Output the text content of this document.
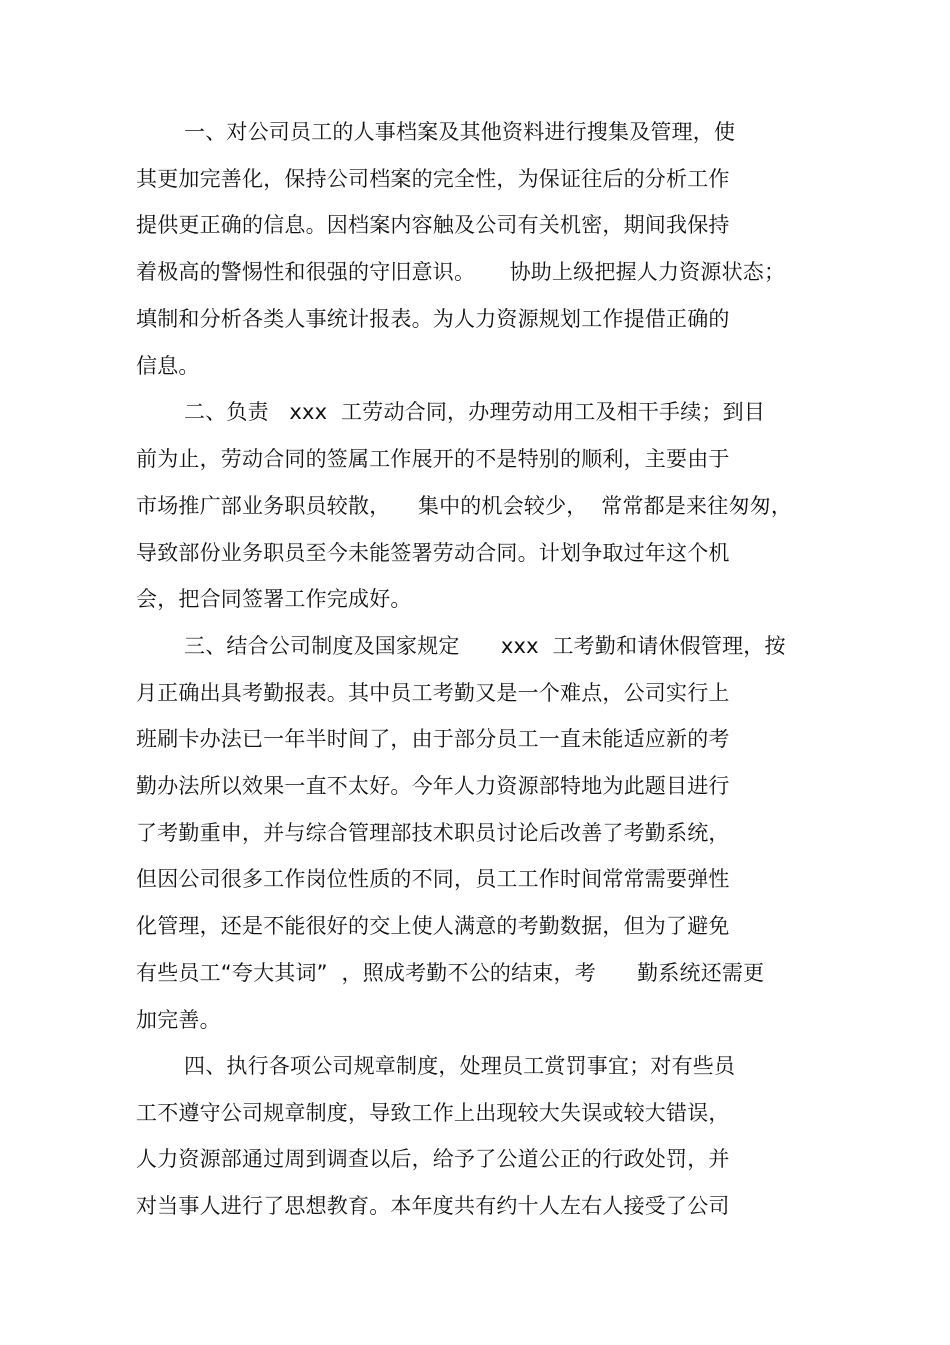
一、对公司员工的人事档案及其他资料进行搜集及管理，使
其更加完善化，保持公司档案的完全性，为保证往后的分析工作
提供更正确的信息。因档案内容触及公司有关机密，期间我保持
着极高的警惕性和很强的守旧意识。     协助上级把握人力资源状态；
填制和分析各类人事统计报表。为人力资源规划工作提借正确的
信息。
二、负责   xxx  工劳动合同，办理劳动用工及相干手续；到目
前为止，劳动合同的签属工作展开的不是特别的顺利，主要由于
市场推广部业务职员较散，    集中的机会较少，  常常都是来往匆匆，
导致部份业务职员至今未能签署劳动合同。计划争取过年这个机
会，把合同签署工作完成好。
三、结合公司制度及国家规定      xxx  工考勤和请休假管理，按
月正确出具考勤报表。其中员工考勤又是一个难点，公司实行上
班刷卡办法已一年半时间了，由于部分员工一直未能适应新的考
勤办法所以效果一直不太好。今年人力资源部特地为此题目进行
了考勤重申，并与综合管理部技术职员讨论后改善了考勤系统，
但因公司很多工作岗位性质的不同，员工工作时间常常需要弹性
化管理，还是不能很好的交上使人满意的考勤数据，但为了避免
有些员工“夸大其词”  ，照成考勤不公的结束，考      勤系统还需更
加完善。
四、执行各项公司规章制度，处理员工赏罚事宜；对有些员
工不遵守公司规章制度，导致工作上出现较大失误或较大错误，
人力资源部通过周到调查以后，给予了公道公正的行政处罚，并
对当事人进行了思想教育。本年度共有约十人左右人接受了公司
